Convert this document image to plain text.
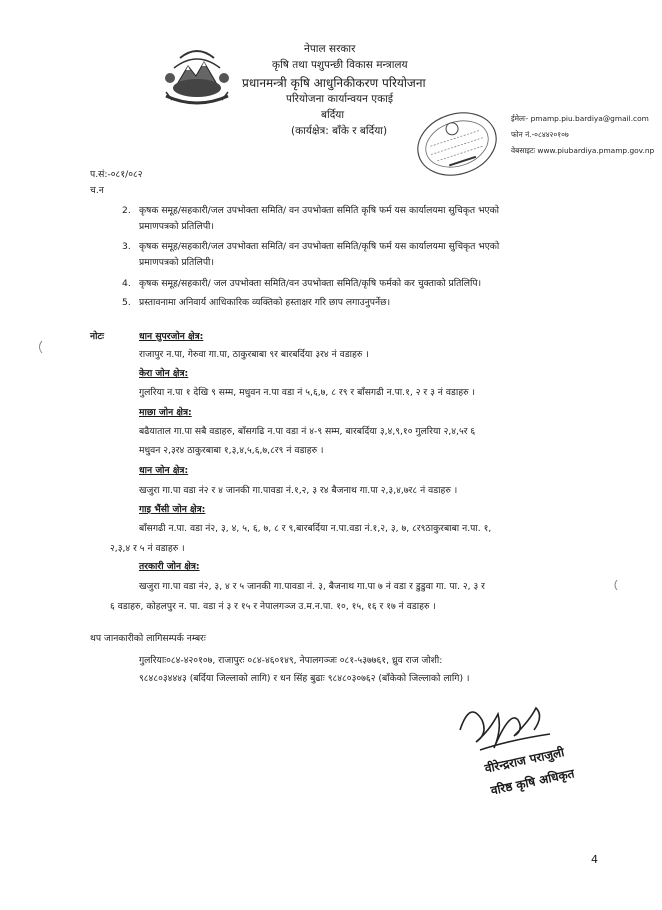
नेपाल सरकार
कृषि तथा पशुपन्छी विकास मन्त्रालय
प्रधानमन्त्री कृषि आधुनिकीकरण परियोजना
परियोजना कार्यान्वयन एकाई
बर्दिया
(कार्यक्षेत्र: बाँके र बर्दिया)
ईमेलः- pmamp.piu.bardiya@gmail.com
फोन नं.-०८४४२०१०७
वेबसाइटः www.piubardiya.pmamp.gov.np
प.सं:-०८१/०८२
च.न
2. कृषक समूह/सहकारी/जल उपभोक्ता समिति/ वन उपभोक्ता समिति कृषि फर्म यस कार्यालयमा सुचिकृत भएको
प्रमाणपत्रको प्रतिलिपी।
3. कृषक समूह/सहकारी/जल उपभोक्ता समिति/ वन उपभोक्ता समिति/कृषि फर्म यस कार्यालयमा सुचिकृत भएको
प्रमाणपत्रको प्रतिलिपी।
4. कृषक समूह/सहकारी/ जल उपभोक्ता समिति/वन उपभोक्ता समिति/कृषि फर्मको कर चुक्ताको प्रतिलिपि।
5. प्रस्तावनामा अनिवार्य आधिकारिक व्यक्तिको हस्ताक्षर गरि छाप लगाउनुपर्नेछ।
नोटः	धान सुपरजोन क्षेत्र:
राजापुर न.पा, गेरुवा गा.पा, ठाकुरबाबा ९र बारबर्दिया ३र४ नं वडाहरु ।
केरा जोन क्षेत्र:
गुलरिया न.पा १ देखि ९ सम्म, मधुवन न.पा वडा नं ५,६,७, ८ र९ र बाँसगढी न.पा.१, २ र ३ नं वडाहरु ।
माछा जोन क्षेत्र:
बढैयाताल गा.पा सबै वडाहरु, बाँसगढि न.पा वडा नं ४-९ सम्म, बारबर्दिया ३,४,९,१० गुलरिया २,४,५र ६
मधुवन २,३र४ ठाकुरबाबा १,३,४,५,६,७,८र९ नं वडाहरु ।
धान जोन क्षेत्र:
खजुरा गा.पा वडा नं२ र ४ जानकी गा.पावडा नं.१,२, ३ र४ बैजनाथ गा.पा २,३,४,७र८ नं वडाहरु ।
गाइ भैंसी जोन क्षेत्र:
बाँसगढी न.पा. वडा नं२, ३, ४, ५, ६, ७, ८ र ९,बारबर्दिया न.पा.वडा नं.१,२, ३, ७, ८र९ठाकुरबाबा न.पा. १,
२,३,४ र ५ नं वडाहरु ।
तरकारी जोन क्षेत्र:
खजुरा गा.पा वडा नं२, ३, ४ र ५ जानकी गा.पावडा नं. ३, बैजनाथ गा.पा ७ नं वडा र डुडुवा गा. पा. २, ३ र
६ वडाहरु, कोहलपुर न. पा. वडा नं ३ र १५ र नेपालगञ्ज उ.म.न.पा. १०, १५, १६ र १७ नं वडाहरु ।
थप जानकारीको लागिसम्पर्क नम्बरः
गुलरियाः०८४-४२०१०७, राजापुरः ०८४-४६०१४९, नेपालगञ्जः ०८१-५३७७६१, ध्रुव राज जोशी:
९८४८०३४४४३ (बर्दिया जिल्लाको लागि) र धन सिंह बुढाः ९८४८०३०७६२ (बाँकेको जिल्लाको लागि) ।
वीरेन्द्रराज पराजुली
वरिष्ठ कृषि अधिकृत
4
